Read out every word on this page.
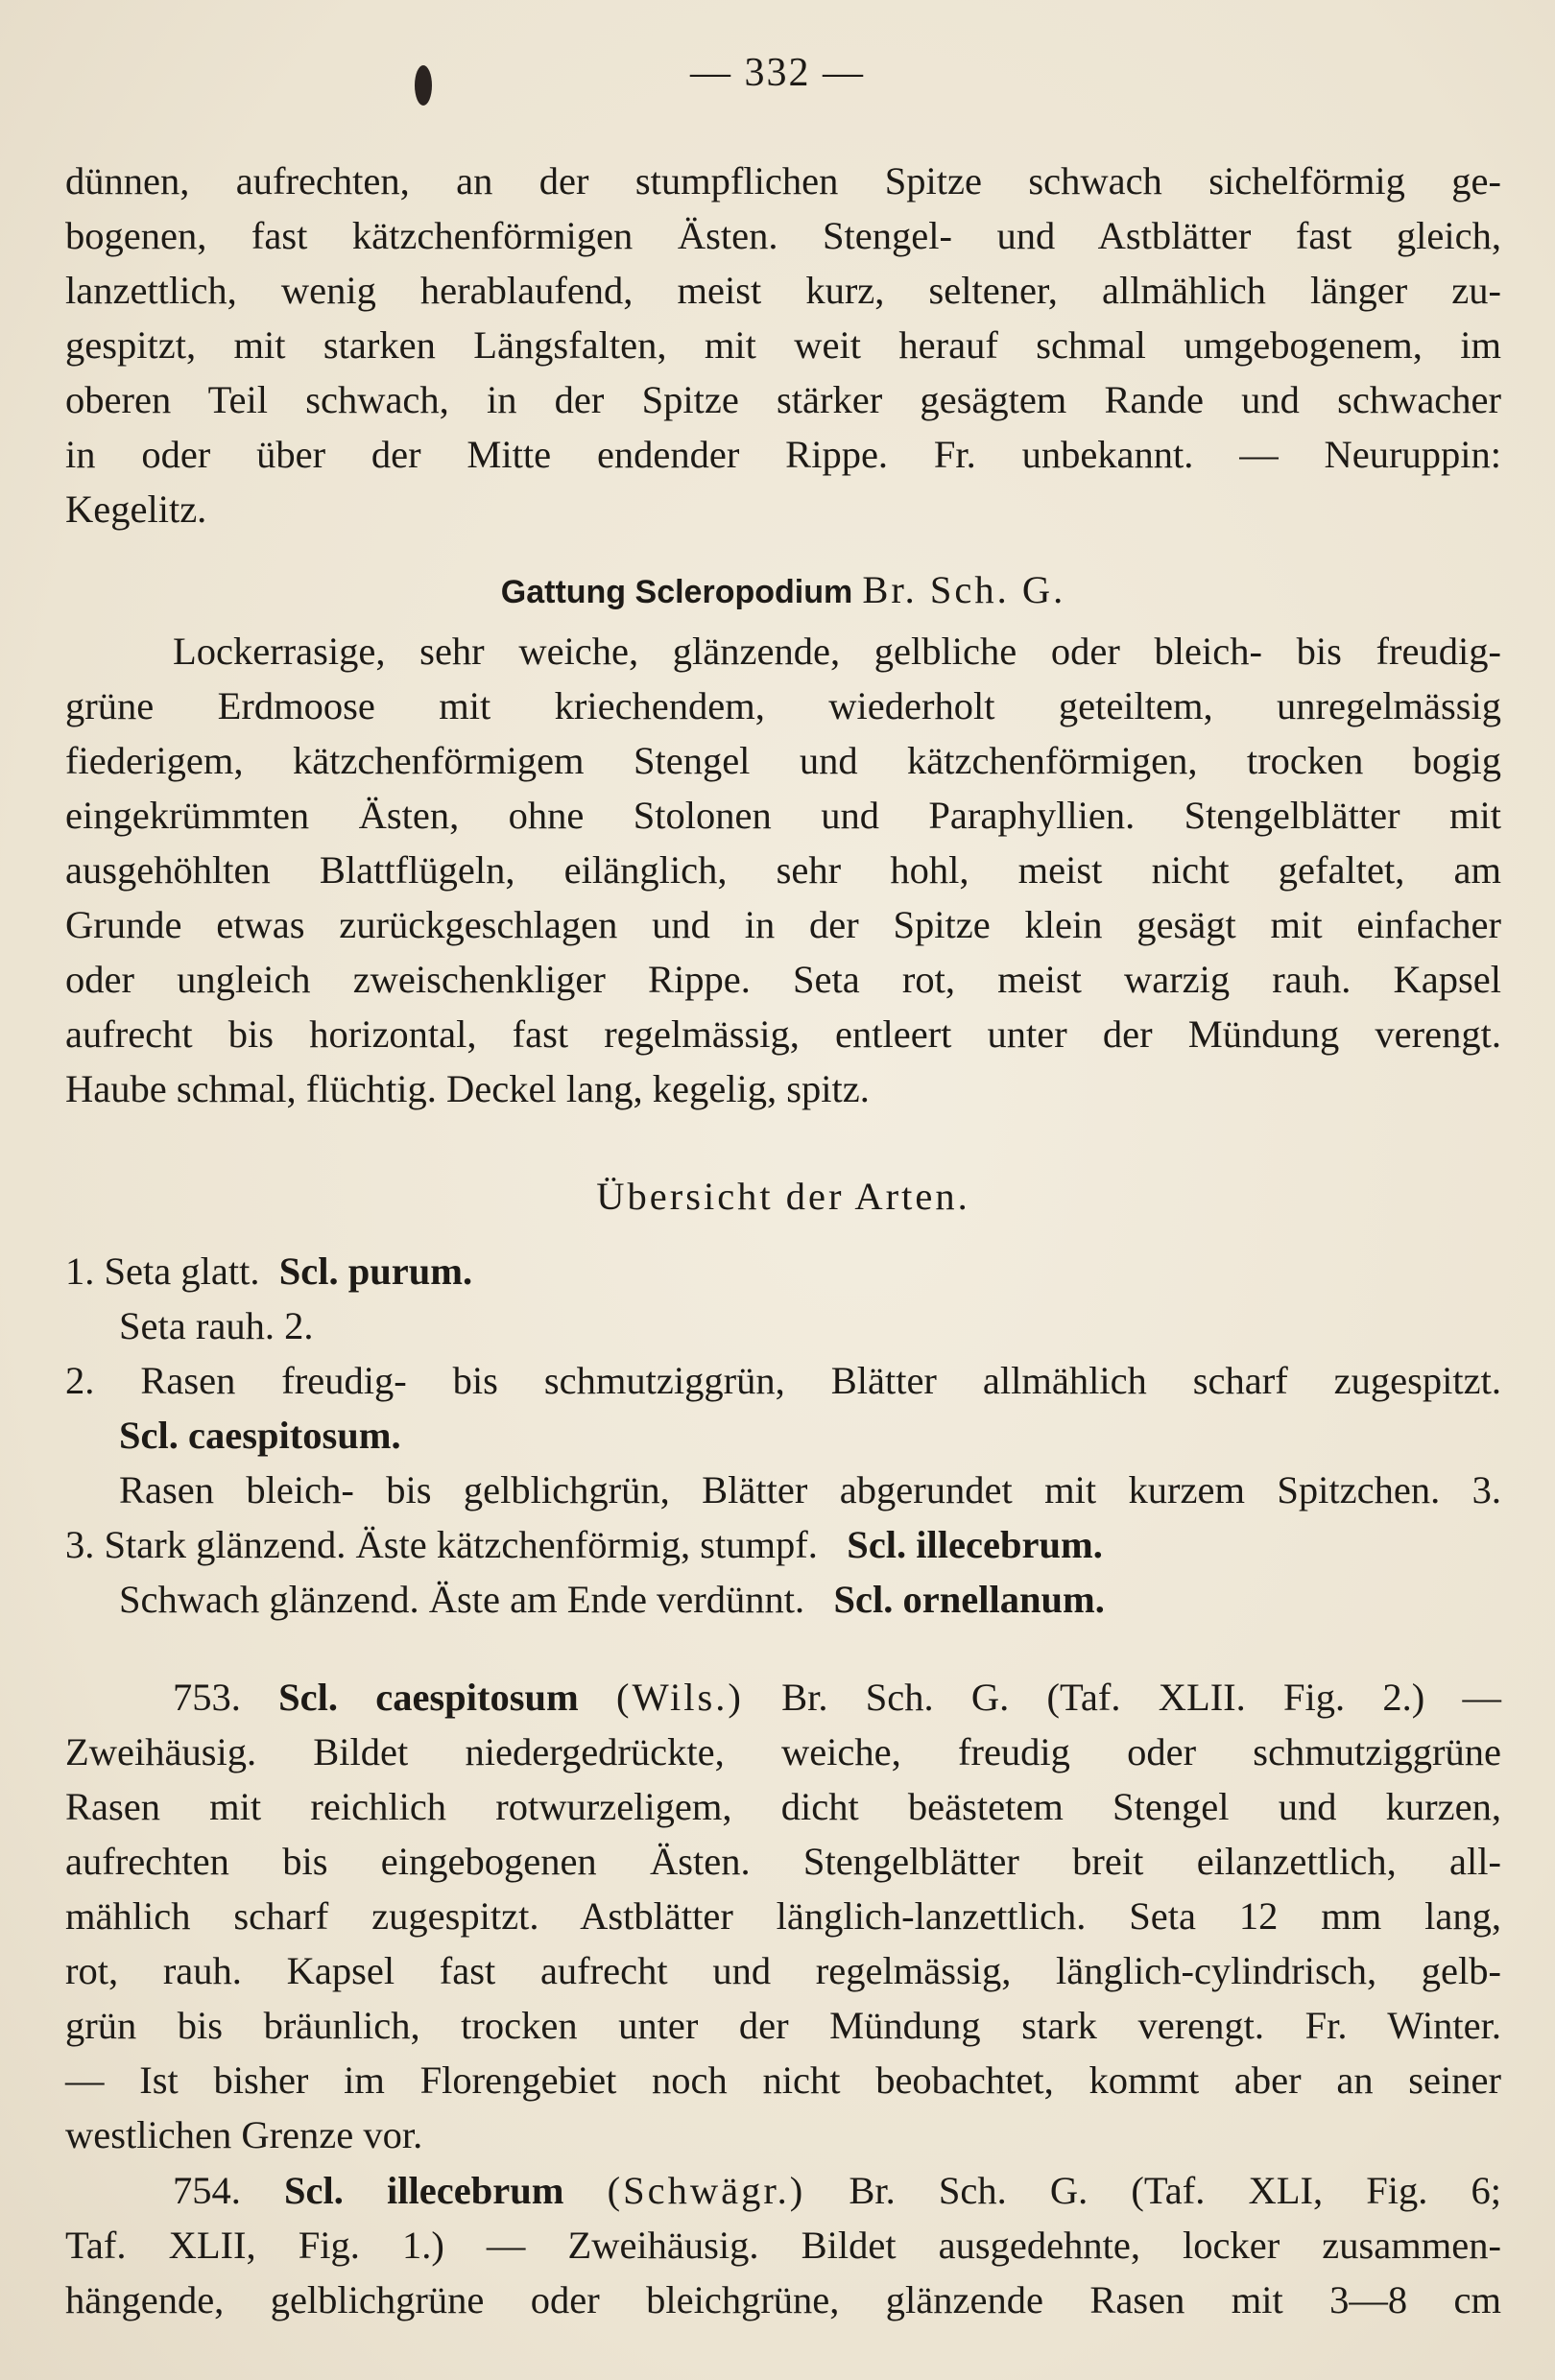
— 332 —
dünnen, aufrechten, an der stumpflichen Spitze schwach sichelförmig ge-
bogenen, fast kätzchenförmigen Ästen. Stengel- und Astblätter fast gleich,
lanzettlich, wenig herablaufend, meist kurz, seltener, allmählich länger zu-
gespitzt, mit starken Längsfalten, mit weit herauf schmal umgebogenem, im
oberen Teil schwach, in der Spitze stärker gesägtem Rande und schwacher
in oder über der Mitte endender Rippe. Fr. unbekannt. — Neuruppin:
Kegelitz.
Gattung Scleropodium Br. Sch. G.
Lockerrasige, sehr weiche, glänzende, gelbliche oder bleich- bis freudig-
grüne Erdmoose mit kriechendem, wiederholt geteiltem, unregelmässig
fiederigem, kätzchenförmigem Stengel und kätzchenförmigen, trocken bogig
eingekrümmten Ästen, ohne Stolonen und Paraphyllien. Stengelblätter mit
ausgehöhlten Blattflügeln, eilänglich, sehr hohl, meist nicht gefaltet, am
Grunde etwas zurückgeschlagen und in der Spitze klein gesägt mit einfacher
oder ungleich zweischenkliger Rippe. Seta rot, meist warzig rauh. Kapsel
aufrecht bis horizontal, fast regelmässig, entleert unter der Mündung verengt.
Haube schmal, flüchtig. Deckel lang, kegelig, spitz.
Übersicht der Arten.
1. Seta glatt. Scl. purum.
Seta rauh. 2.
2. Rasen freudig- bis schmutziggrün, Blätter allmählich scharf zugespitzt.
Scl. caespitosum.
Rasen bleich- bis gelblichgrün, Blätter abgerundet mit kurzem Spitzchen. 3.
3. Stark glänzend. Äste kätzchenförmig, stumpf. Scl. illecebrum.
Schwach glänzend. Äste am Ende verdünnt. Scl. ornellanum.
753. Scl. caespitosum (Wils.) Br. Sch. G. (Taf. XLII. Fig. 2.) —
Zweihäusig. Bildet niedergedrückte, weiche, freudig oder schmutziggrüne
Rasen mit reichlich rotwurzeligem, dicht beästetem Stengel und kurzen,
aufrechten bis eingebogenen Ästen. Stengelblätter breit eilanzettlich, all-
mählich scharf zugespitzt. Astblätter länglich-lanzettlich. Seta 12 mm lang,
rot, rauh. Kapsel fast aufrecht und regelmässig, länglich-cylindrisch, gelb-
grün bis bräunlich, trocken unter der Mündung stark verengt. Fr. Winter.
— Ist bisher im Florengebiet noch nicht beobachtet, kommt aber an seiner
westlichen Grenze vor.
754. Scl. illecebrum (Schwägr.) Br. Sch. G. (Taf. XLI, Fig. 6;
Taf. XLII, Fig. 1.) — Zweihäusig. Bildet ausgedehnte, locker zusammen-
hängende, gelblichgrüne oder bleichgrüne, glänzende Rasen mit 3—8 cm
